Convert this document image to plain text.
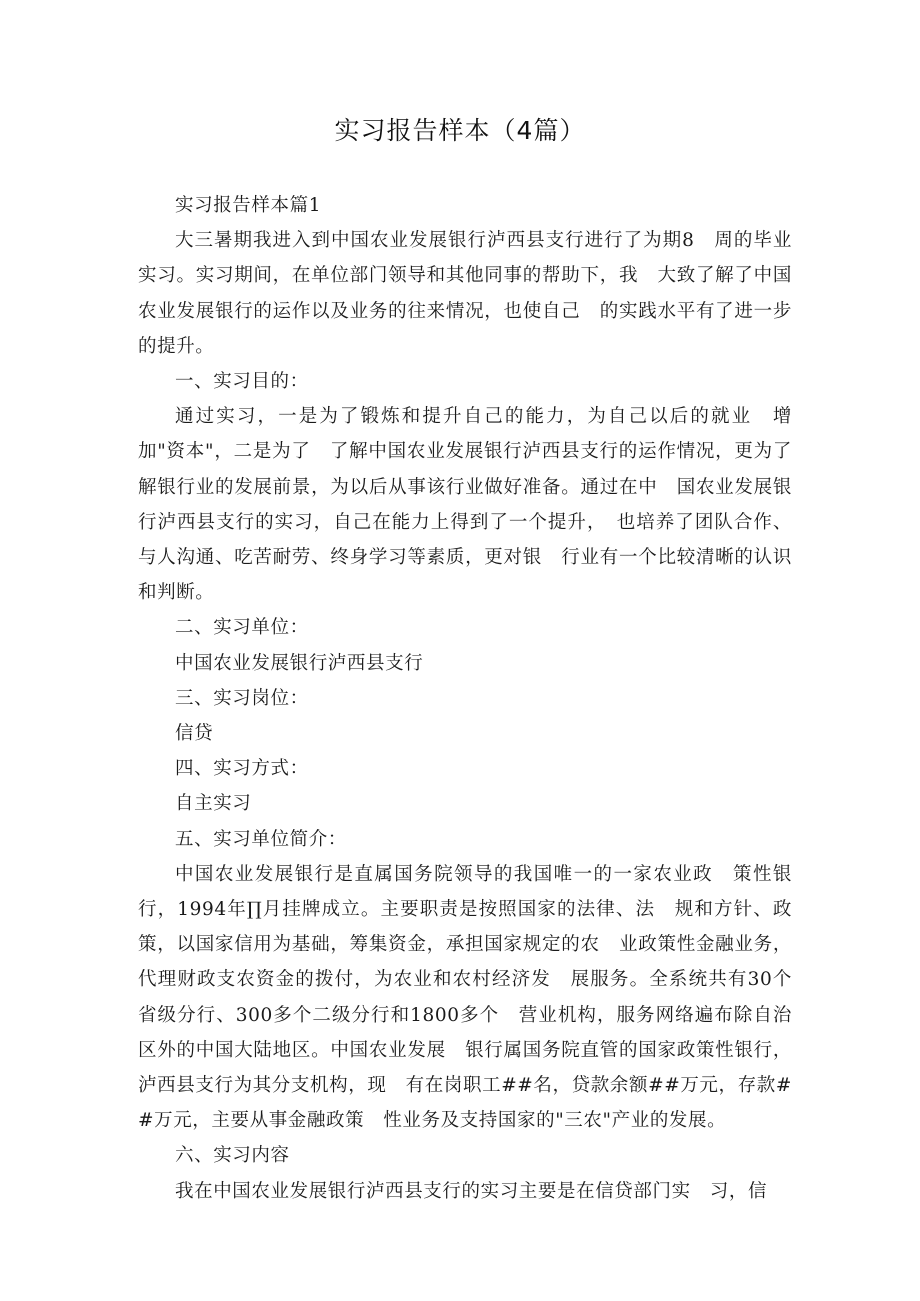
实习报告样本（4篇）

实习报告样本篇1

大三暑期我进入到中国农业发展银行泸西县支行进行了为期8　周的毕业实习。实习期间，在单位部门领导和其他同事的帮助下，我　大致了解了中国农业发展银行的运作以及业务的往来情况，也使自己　的实践水平有了进一步的提升。

一、实习目的：

通过实习，一是为了锻炼和提升自己的能力，为自己以后的就业　增加"资本"，二是为了　了解中国农业发展银行泸西县支行的运作情况，更为了解银行业的发展前景，为以后从事该行业做好准备。通过在中　国农业发展银行泸西县支行的实习，自己在能力上得到了一个提升，　也培养了团队合作、与人沟通、吃苦耐劳、终身学习等素质，更对银　行业有一个比较清晰的认识和判断。

二、实习单位：

中国农业发展银行泸西县支行

三、实习岗位：

信贷

四、实习方式：

自主实习

五、实习单位简介：

中国农业发展银行是直属国务院领导的我国唯一的一家农业政　策性银行，1994年∏月挂牌成立。主要职责是按照国家的法律、法　规和方针、政策，以国家信用为基础，筹集资金，承担国家规定的农　业政策性金融业务，代理财政支农资金的拨付，为农业和农村经济发　展服务。全系统共有30个省级分行、300多个二级分行和1800多个　营业机构，服务网络遍布除自治区外的中国大陆地区。中国农业发展　银行属国务院直管的国家政策性银行，泸西县支行为其分支机构，现　有在岗职工##名，贷款余额##万元，存款##万元，主要从事金融政策　性业务及支持国家的"三农"产业的发展。

六、实习内容

我在中国农业发展银行泸西县支行的实习主要是在信贷部门实　习，信
